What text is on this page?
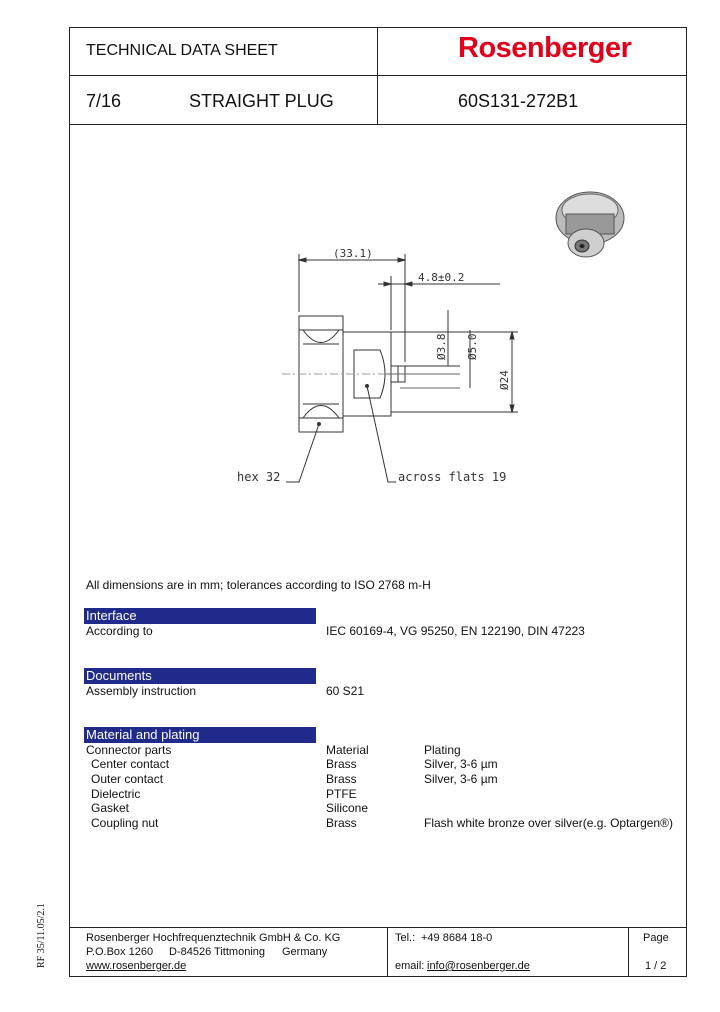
TECHNICAL DATA SHEET	Rosenberger
7/16	STRAIGHT PLUG	60S131-272B1
(33.1)
4.8±0.2
Ø3.8 Ø5.0
Ø24
hex 32	across flats 19
All dimensions are in mm; tolerances according to ISO 2768 m-H
Interface
According to	IEC 60169-4, VG 95250, EN 122190, DIN 47223
Documents
Assembly instruction	60 S21
Material and plating
Connector parts	Material	Plating
Center contact	Brass	Silver, 3-6 µm
Outer contact	Brass	Silver, 3-6 µm
Dielectric	PTFE
Gasket	Silicone
Coupling nut	Brass	Flash white bronze over silver(e.g. Optargen®)
Rosenberger Hochfrequenztechnik GmbH & Co. KG
P.O.Box 1260 D-84526 Tittmoning Germany
www.rosenberger.de
Tel.: +49 8684 18-0
email: info@rosenberger.de
Page
1 / 2
RF 35/11.05/2.1
